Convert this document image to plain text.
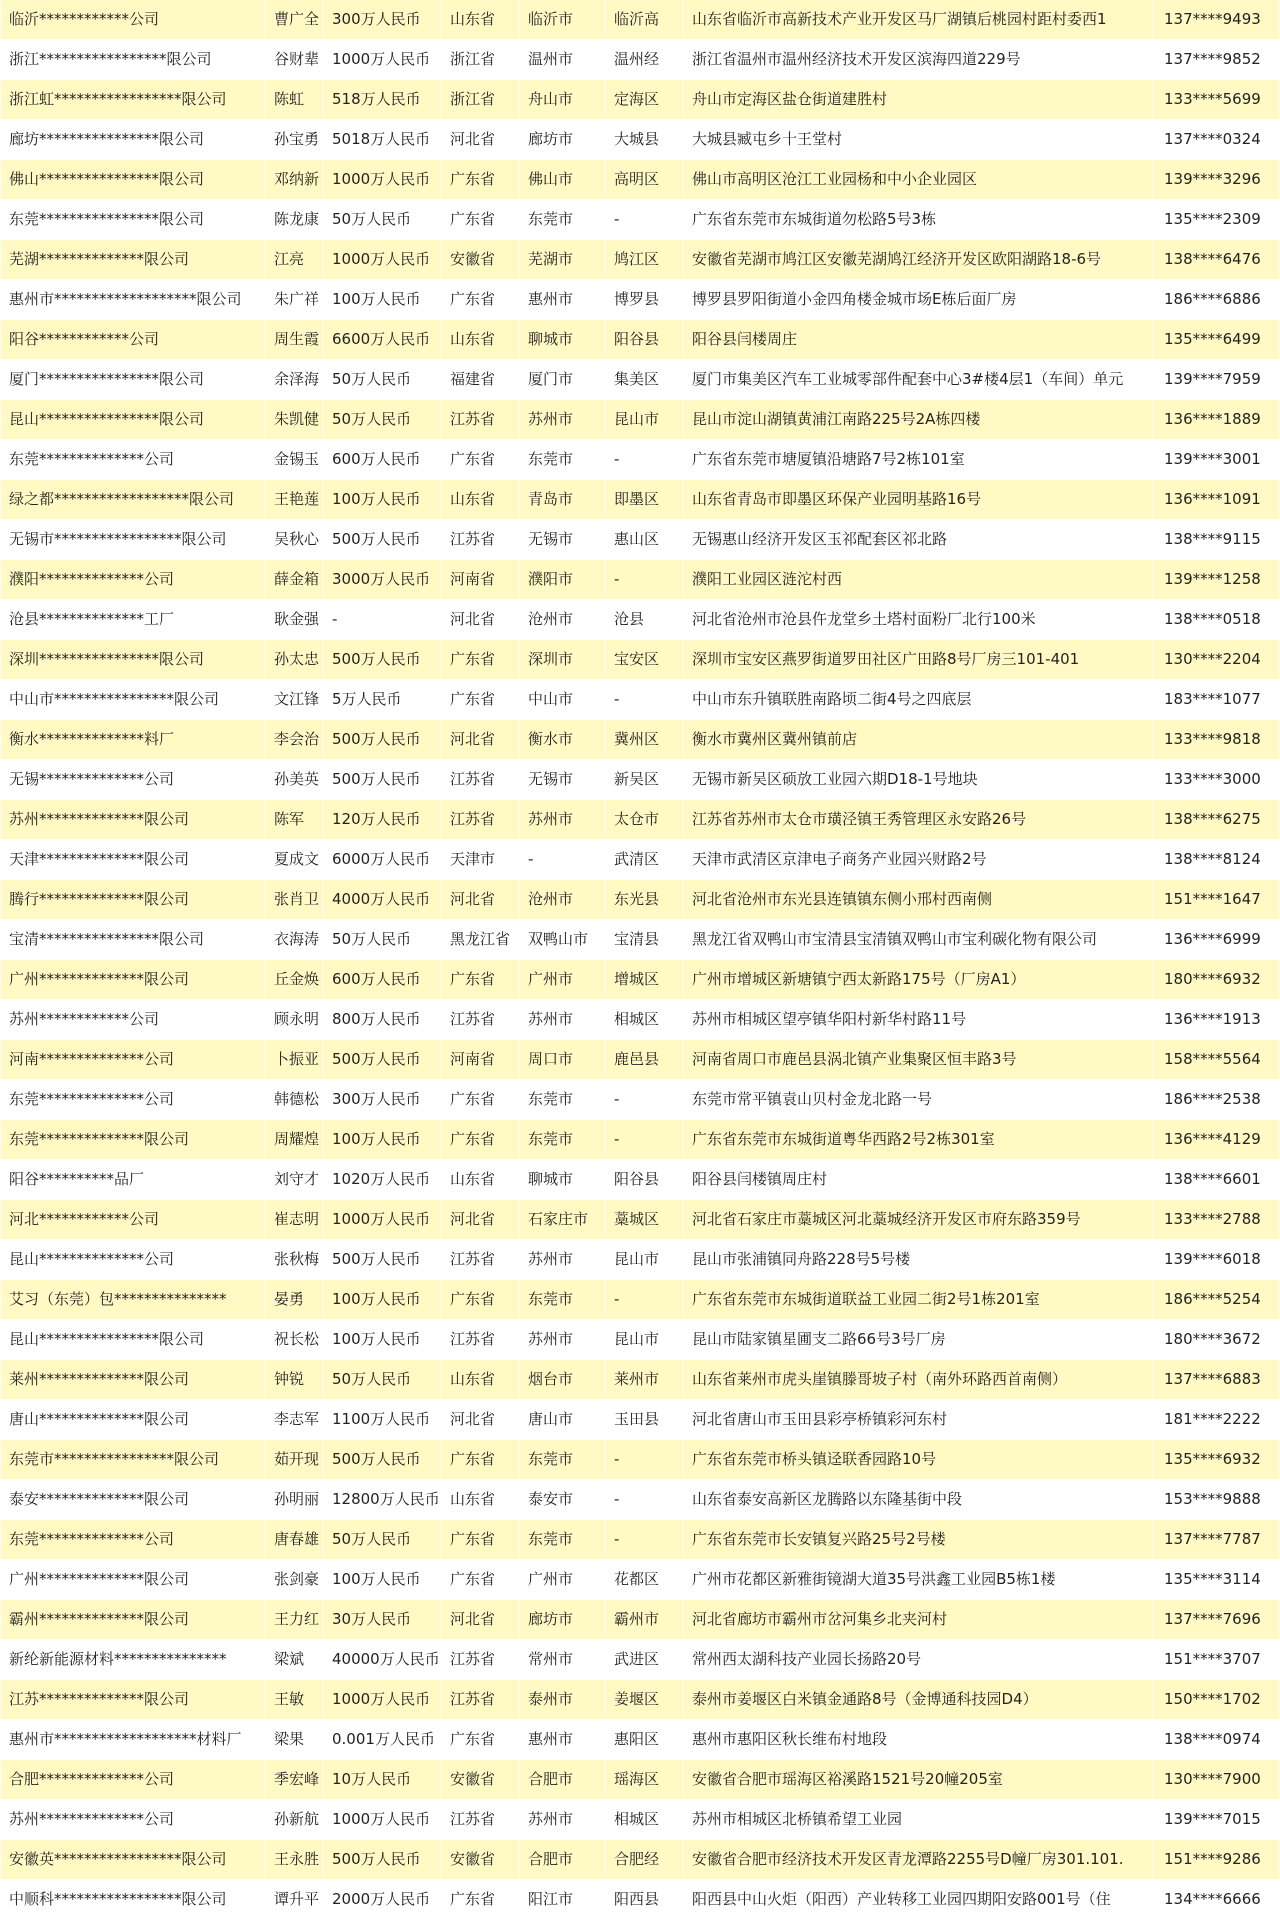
临沂************公司	曹广全	300万人民币	山东省	临沂市	临沂高	山东省临沂市高新技术产业开发区马厂湖镇后桃园村距村委西1	137****9493
浙江*****************限公司	谷财辈	1000万人民币	浙江省	温州市	温州经	浙江省温州市温州经济技术开发区滨海四道229号	137****9852
浙江虹*****************限公司	陈虹	518万人民币	浙江省	舟山市	定海区	舟山市定海区盐仓街道建胜村	133****5699
廊坊****************限公司	孙宝勇	5018万人民币	河北省	廊坊市	大城县	大城县臧屯乡十王堂村	137****0324
佛山****************限公司	邓纳新	1000万人民币	广东省	佛山市	高明区	佛山市高明区沧江工业园杨和中小企业园区	139****3296
东莞****************限公司	陈龙康	50万人民币	广东省	东莞市	-	广东省东莞市东城街道勿松路5号3栋	135****2309
芜湖**************限公司	江亮	1000万人民币	安徽省	芜湖市	鸠江区	安徽省芜湖市鸠江区安徽芜湖鸠江经济开发区欧阳湖路18-6号	138****6476
惠州市*******************限公司	朱广祥	100万人民币	广东省	惠州市	博罗县	博罗县罗阳街道小金四角楼金城市场E栋后面厂房	186****6886
阳谷************公司	周生霞	6600万人民币	山东省	聊城市	阳谷县	阳谷县闫楼周庄	135****6499
厦门****************限公司	余泽海	50万人民币	福建省	厦门市	集美区	厦门市集美区汽车工业城零部件配套中心3#楼4层1（车间）单元	139****7959
昆山****************限公司	朱凯健	50万人民币	江苏省	苏州市	昆山市	昆山市淀山湖镇黄浦江南路225号2A栋四楼	136****1889
东莞**************公司	金锡玉	600万人民币	广东省	东莞市	-	广东省东莞市塘厦镇沿塘路7号2栋101室	139****3001
绿之都******************限公司	王艳莲	100万人民币	山东省	青岛市	即墨区	山东省青岛市即墨区环保产业园明基路16号	136****1091
无锡市*****************限公司	吴秋心	500万人民币	江苏省	无锡市	惠山区	无锡惠山经济开发区玉祁配套区祁北路	138****9115
濮阳**************公司	薛金箱	3000万人民币	河南省	濮阳市	-	濮阳工业园区涟沱村西	139****1258
沧县**************工厂	耿金强	-	河北省	沧州市	沧县	河北省沧州市沧县仵龙堂乡土塔村面粉厂北行100米	138****0518
深圳****************限公司	孙太忠	500万人民币	广东省	深圳市	宝安区	深圳市宝安区燕罗街道罗田社区广田路8号厂房三101-401	130****2204
中山市****************限公司	文江锋	5万人民币	广东省	中山市	-	中山市东升镇联胜南路顷二街4号之四底层	183****1077
衡水**************料厂	李会治	500万人民币	河北省	衡水市	冀州区	衡水市冀州区冀州镇前店	133****9818
无锡**************公司	孙美英	500万人民币	江苏省	无锡市	新吴区	无锡市新吴区硕放工业园六期D18-1号地块	133****3000
苏州**************限公司	陈军	120万人民币	江苏省	苏州市	太仓市	江苏省苏州市太仓市璜泾镇王秀管理区永安路26号	138****6275
天津**************限公司	夏成文	6000万人民币	天津市	-	武清区	天津市武清区京津电子商务产业园兴财路2号	138****8124
腾行**************限公司	张肖卫	4000万人民币	河北省	沧州市	东光县	河北省沧州市东光县连镇镇东侧小邢村西南侧	151****1647
宝清****************限公司	衣海涛	50万人民币	黑龙江省	双鸭山市	宝清县	黑龙江省双鸭山市宝清县宝清镇双鸭山市宝利碳化物有限公司	136****6999
广州**************限公司	丘金焕	600万人民币	广东省	广州市	增城区	广州市增城区新塘镇宁西太新路175号（厂房A1）	180****6932
苏州************公司	顾永明	800万人民币	江苏省	苏州市	相城区	苏州市相城区望亭镇华阳村新华村路11号	136****1913
河南**************公司	卜振亚	500万人民币	河南省	周口市	鹿邑县	河南省周口市鹿邑县涡北镇产业集聚区恒丰路3号	158****5564
东莞**************公司	韩德松	300万人民币	广东省	东莞市	-	东莞市常平镇袁山贝村金龙北路一号	186****2538
东莞**************限公司	周耀煌	100万人民币	广东省	东莞市	-	广东省东莞市东城街道粤华西路2号2栋301室	136****4129
阳谷**********品厂	刘守才	1020万人民币	山东省	聊城市	阳谷县	阳谷县闫楼镇周庄村	138****6601
河北************公司	崔志明	1000万人民币	河北省	石家庄市	藁城区	河北省石家庄市藁城区河北藁城经济开发区市府东路359号	133****2788
昆山**************公司	张秋梅	500万人民币	江苏省	苏州市	昆山市	昆山市张浦镇同舟路228号5号楼	139****6018
艾习（东莞）包***************	晏勇	100万人民币	广东省	东莞市	-	广东省东莞市东城街道联益工业园二街2号1栋201室	186****5254
昆山****************限公司	祝长松	100万人民币	江苏省	苏州市	昆山市	昆山市陆家镇星圃支二路66号3号厂房	180****3672
莱州**************限公司	钟锐	50万人民币	山东省	烟台市	莱州市	山东省莱州市虎头崖镇滕哥坡子村（南外环路西首南侧）	137****6883
唐山**************限公司	李志军	1100万人民币	河北省	唐山市	玉田县	河北省唐山市玉田县彩亭桥镇彩河东村	181****2222
东莞市****************限公司	茹开现	500万人民币	广东省	东莞市	-	广东省东莞市桥头镇迳联香园路10号	135****6932
泰安**************限公司	孙明丽	12800万人民币	山东省	泰安市	-	山东省泰安高新区龙腾路以东隆基街中段	153****9888
东莞**************公司	唐春雄	50万人民币	广东省	东莞市	-	广东省东莞市长安镇复兴路25号2号楼	137****7787
广州**************限公司	张剑豪	100万人民币	广东省	广州市	花都区	广州市花都区新雅街镜湖大道35号洪鑫工业园B5栋1楼	135****3114
霸州**************限公司	王力红	30万人民币	河北省	廊坊市	霸州市	河北省廊坊市霸州市岔河集乡北夹河村	137****7696
新纶新能源材料***************	梁斌	40000万人民币	江苏省	常州市	武进区	常州西太湖科技产业园长扬路20号	151****3707
江苏**************限公司	王敏	1000万人民币	江苏省	泰州市	姜堰区	泰州市姜堰区白米镇金通路8号（金博通科技园D4）	150****1702
惠州市*******************材料厂	梁果	0.001万人民币	广东省	惠州市	惠阳区	惠州市惠阳区秋长维布村地段	138****0974
合肥**************公司	季宏峰	10万人民币	安徽省	合肥市	瑶海区	安徽省合肥市瑶海区裕溪路1521号20幢205室	130****7900
苏州**************公司	孙新航	1000万人民币	江苏省	苏州市	相城区	苏州市相城区北桥镇希望工业园	139****7015
安徽英*****************限公司	王永胜	500万人民币	安徽省	合肥市	合肥经	安徽省合肥市经济技术开发区青龙潭路2255号D幢厂房301.101.	151****9286
中顺科*****************限公司	谭升平	2000万人民币	广东省	阳江市	阳西县	阳西县中山火炬（阳西）产业转移工业园四期阳安路001号（住	134****6666
